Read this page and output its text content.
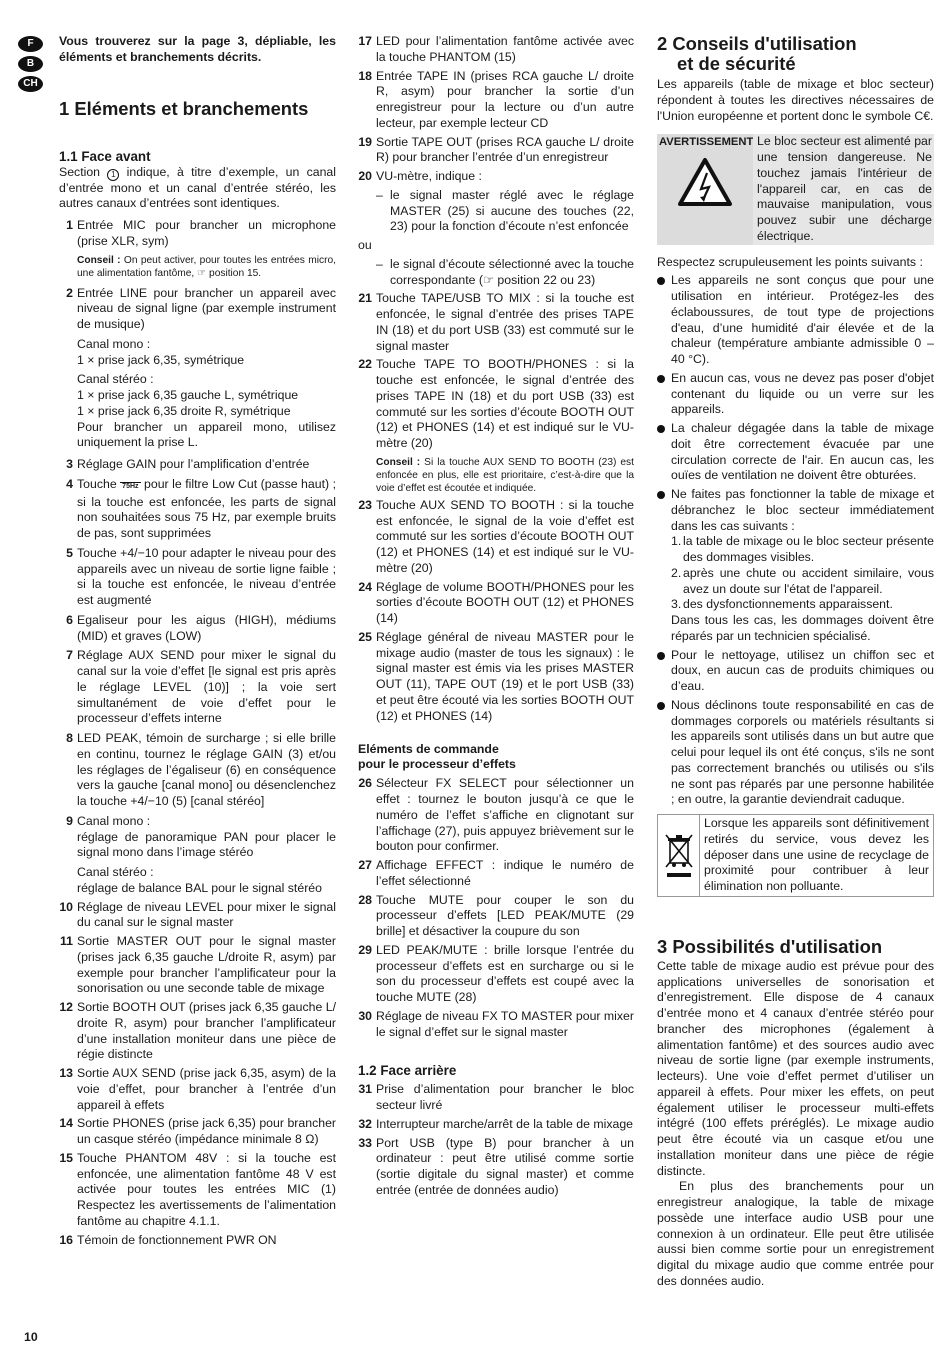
F
B
CH
Vous trouverez sur la page 3, dépliable, les éléments et branchements décrits.
1 Eléments et branchements
1.1 Face avant
Section 1 indique, à titre d’exemple, un canal d’entrée mono et un canal d’entrée stéréo, les autres canaux d’entrées sont identiques.
1 Entrée MIC pour brancher un microphone (prise XLR, sym)
Conseil : On peut activer, pour toutes les entrées micro, une alimentation fantôme, ☞ position 15.
2 Entrée LINE pour brancher un appareil avec niveau de signal ligne (par exemple instrument de musique)
Canal mono :
1 × prise jack 6,35, symétrique
Canal stéréo :
1 × prise jack 6,35 gauche L, symétrique
1 × prise jack 6,35 droite R, symétrique
Pour brancher un appareil mono, utilisez uniquement la prise L.
3 Réglage GAIN pour l’amplification d’entrée
4 Touche 75Hz pour le filtre Low Cut (passe haut) ; si la touche est enfoncée, les parts de signal non souhaitées sous 75 Hz, par exemple bruits de pas, sont supprimées
5 Touche +4/−10 pour adapter le niveau pour des appareils avec un niveau de sortie ligne faible ; si la touche est enfoncée, le niveau d’entrée est augmenté
6 Egaliseur pour les aigus (HIGH), médiums (MID) et graves (LOW)
7 Réglage AUX SEND pour mixer le signal du canal sur la voie d’effet [le signal est pris après le réglage LEVEL (10)] ; la voie sert simultanément de voie d’effet pour le processeur d’effets interne
8 LED PEAK, témoin de surcharge ; si elle brille en continu, tournez le réglage GAIN (3) et/ou les réglages de l’égaliseur (6) en conséquence vers la gauche [canal mono] ou désenclenchez la touche +4/−10 (5) [canal stéréo]
9 Canal mono :
réglage de panoramique PAN pour placer le signal mono dans l’image stéréo
Canal stéréo :
réglage de balance BAL pour le signal stéréo
10 Réglage de niveau LEVEL pour mixer le signal du canal sur le signal master
11 Sortie MASTER OUT pour le signal master (prises jack 6,35 gauche L/droite R, asym) par exemple pour brancher l’amplificateur pour la sonorisation ou une seconde table de mixage
12 Sortie BOOTH OUT (prises jack 6,35 gauche L/ droite R, asym) pour brancher l’amplificateur d’une installation moniteur dans une pièce de régie distincte
13 Sortie AUX SEND (prise jack 6,35, asym) de la voie d’effet, pour brancher à l’entrée d’un appareil à effets
14 Sortie PHONES (prise jack 6,35) pour brancher un casque stéréo (impédance minimale 8 Ω)
15 Touche PHANTOM 48V : si la touche est enfoncée, une alimentation fantôme 48 V est activée pour toutes les entrées MIC (1) Respectez les avertissements de l’alimentation fantôme au chapitre 4.1.1.
16 Témoin de fonctionnement PWR ON
17 LED pour l’alimentation fantôme activée avec la touche PHANTOM (15)
18 Entrée TAPE IN (prises RCA gauche L/ droite R, asym) pour brancher la sortie d’un enregistreur pour la lecture ou d’un autre lecteur, par exemple lecteur CD
19 Sortie TAPE OUT (prises RCA gauche L/ droite R) pour brancher l’entrée d’un enregistreur
20 VU-mètre, indique :
– le signal master réglé avec le réglage MASTER (25) si aucune des touches (22, 23) pour la fonction d’écoute n’est enfoncée
ou
– le signal d’écoute sélectionné avec la touche correspondante (☞ position 22 ou 23)
21 Touche TAPE/USB TO MIX : si la touche est enfoncée, le signal d’entrée des prises TAPE IN (18) et du port USB (33) est commuté sur le signal master
22 Touche TAPE TO BOOTH/PHONES : si la touche est enfoncée, le signal d’entrée des prises TAPE IN (18) et du port USB (33) est commuté sur les sorties d’écoute BOOTH OUT (12) et PHONES (14) et est indiqué sur le VU-mètre (20)
Conseil : Si la touche AUX SEND TO BOOTH (23) est enfoncée en plus, elle est prioritaire, c’est-à-dire que la voie d’effet est écoutée et indiquée.
23 Touche AUX SEND TO BOOTH : si la touche est enfoncée, le signal de la voie d’effet est commuté sur les sorties d’écoute BOOTH OUT (12) et PHONES (14) et est indiqué sur le VU-mètre (20)
24 Réglage de volume BOOTH/PHONES pour les sorties d’écoute BOOTH OUT (12) et PHONES (14)
25 Réglage général de niveau MASTER pour le mixage audio (master de tous les signaux) : le signal master est émis via les prises MASTER OUT (11), TAPE OUT (19) et le port USB (33) et peut être écouté via les sorties BOOTH OUT (12) et PHONES (14)
Eléments de commande
pour le processeur d’effets
26 Sélecteur FX SELECT pour sélectionner un effet : tournez le bouton jusqu’à ce que le numéro de l’effet s’affiche en clignotant sur l’affichage (27), puis appuyez brièvement sur le bouton pour confirmer.
27 Affichage EFFECT : indique le numéro de l’effet sélectionné
28 Touche MUTE pour couper le son du processeur d’effets [LED PEAK/MUTE (29 brille] et désactiver la coupure du son
29 LED PEAK/MUTE : brille lorsque l’entrée du processeur d’effets est en surcharge ou si le son du processeur d’effets est coupé avec la touche MUTE (28)
30 Réglage de niveau FX TO MASTER pour mixer le signal d’effet sur le signal master
1.2 Face arrière
31 Prise d’alimentation pour brancher le bloc secteur livré
32 Interrupteur marche/arrêt de la table de mixage
33 Port USB (type B) pour brancher à un ordinateur : peut être utilisé comme sortie (sortie digitale du signal master) et comme entrée (entrée de données audio)
2 Conseils d'utilisation
et de sécurité
Les appareils (table de mixage et bloc secteur) répondent à toutes les directives nécessaires de l'Union européenne et portent donc le symbole C€.
AVERTISSEMENT Le bloc secteur est alimenté par une tension dangereuse. Ne touchez jamais l'intérieur de l'appareil car, en cas de mauvaise manipulation, vous pouvez subir une décharge électrique.
Respectez scrupuleusement les points suivants :
Les appareils ne sont conçus que pour une utilisation en intérieur. Protégez-les des éclaboussures, de tout type de projections d'eau, d’une humidité d'air élevée et de la chaleur (température ambiante admissible 0 – 40 °C).
En aucun cas, vous ne devez pas poser d'objet contenant du liquide ou un verre sur les appareils.
La chaleur dégagée dans la table de mixage doit être correctement évacuée par une circulation correcte de l'air. En aucun cas, les ouïes de ventilation ne doivent être obturées.
Ne faites pas fonctionner la table de mixage et débranchez le bloc secteur immédiatement dans les cas suivants :
1. la table de mixage ou le bloc secteur présente des dommages visibles.
2. après une chute ou accident similaire, vous avez un doute sur l'état de l'appareil.
3. des dysfonctionnements apparaissent.
Dans tous les cas, les dommages doivent être réparés par un technicien spécialisé.
Pour le nettoyage, utilisez un chiffon sec et doux, en aucun cas de produits chimiques ou d’eau.
Nous déclinons toute responsabilité en cas de dommages corporels ou matériels résultants si les appareils sont utilisés dans un but autre que celui pour lequel ils ont été conçus, s'ils ne sont pas correctement branchés ou utilisés ou s'ils ne sont pas réparés par une personne habilitée ; en outre, la garantie deviendrait caduque.
Lorsque les appareils sont définitivement retirés du service, vous devez les déposer dans une usine de recyclage de proximité pour contribuer à leur élimination non polluante.
3 Possibilités d'utilisation
Cette table de mixage audio est prévue pour des applications universelles de sonorisation et d’enregistrement. Elle dispose de 4 canaux d’entrée mono et 4 canaux d’entrée stéréo pour brancher des microphones (également à alimentation fantôme) et des sources audio avec niveau de sortie ligne (par exemple instruments, lecteurs). Une voie d’effet permet d’utiliser un appareil à effets. Pour mixer les effets, on peut également utiliser le processeur multi-effets intégré (100 effets préréglés). Le mixage audio peut être écouté via un casque et/ou une installation moniteur dans une pièce de régie distincte.
En plus des branchements pour un enregistreur analogique, la table de mixage possède une interface audio USB pour une connexion à un ordinateur. Elle peut être utilisée aussi bien comme sortie pour un enregistrement digital du mixage audio que comme entrée pour des données audio.
10
